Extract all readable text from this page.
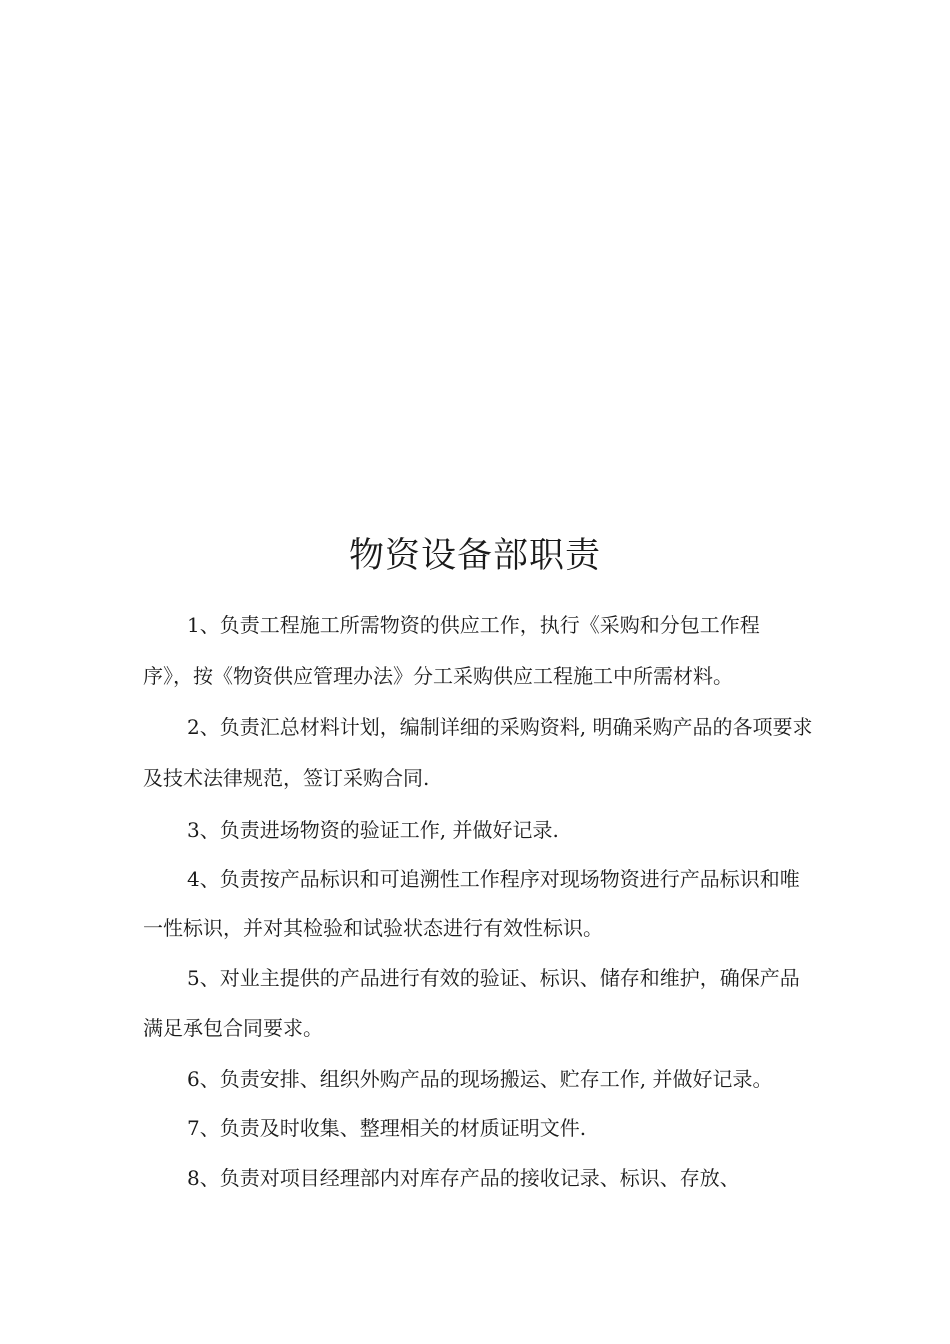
物资设备部职责

1、负责工程施工所需物资的供应工作，执行《采购和分包工作程

序》，按《物资供应管理办法》分工采购供应工程施工中所需材料。

2、负责汇总材料计划，编制详细的采购资料, 明确采购产品的各项要求

及技术法律规范，签订采购合同.

3、负责进场物资的验证工作, 并做好记录.

4、负责按产品标识和可追溯性工作程序对现场物资进行产品标识和唯

一性标识，并对其检验和试验状态进行有效性标识。

5、对业主提供的产品进行有效的验证、标识、储存和维护，确保产品

满足承包合同要求。

6、负责安排、组织外购产品的现场搬运、贮存工作, 并做好记录。

7、负责及时收集、整理相关的材质证明文件.

8、负责对项目经理部内对库存产品的接收记录、标识、存放、
